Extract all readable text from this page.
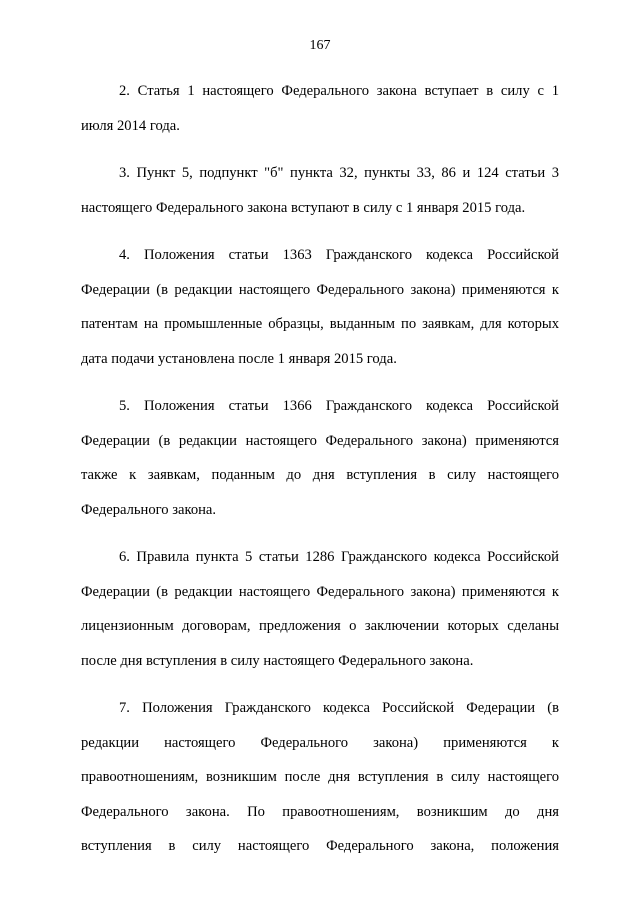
167
2. Статья 1 настоящего Федерального закона вступает в силу с 1
июля 2014 года.
3. Пункт 5, подпункт "б" пункта 32, пункты 33, 86 и 124 статьи 3
настоящего Федерального закона вступают в силу с 1 января 2015 года.
4. Положения статьи 1363 Гражданского кодекса Российской
Федерации (в редакции настоящего Федерального закона) применяются к
патентам на промышленные образцы, выданным по заявкам, для которых
дата подачи установлена после 1 января 2015 года.
5. Положения статьи 1366 Гражданского кодекса Российской
Федерации (в редакции настоящего Федерального закона) применяются
также к заявкам, поданным до дня вступления в силу настоящего
Федерального закона.
6. Правила пункта 5 статьи 1286 Гражданского кодекса Российской
Федерации (в редакции настоящего Федерального закона) применяются к
лицензионным договорам, предложения о заключении которых сделаны
после дня вступления в силу настоящего Федерального закона.
7. Положения Гражданского кодекса Российской Федерации (в
редакции настоящего Федерального закона) применяются к
правоотношениям, возникшим после дня вступления в силу настоящего
Федерального закона. По правоотношениям, возникшим до дня
вступления в силу настоящего Федерального закона, положения
